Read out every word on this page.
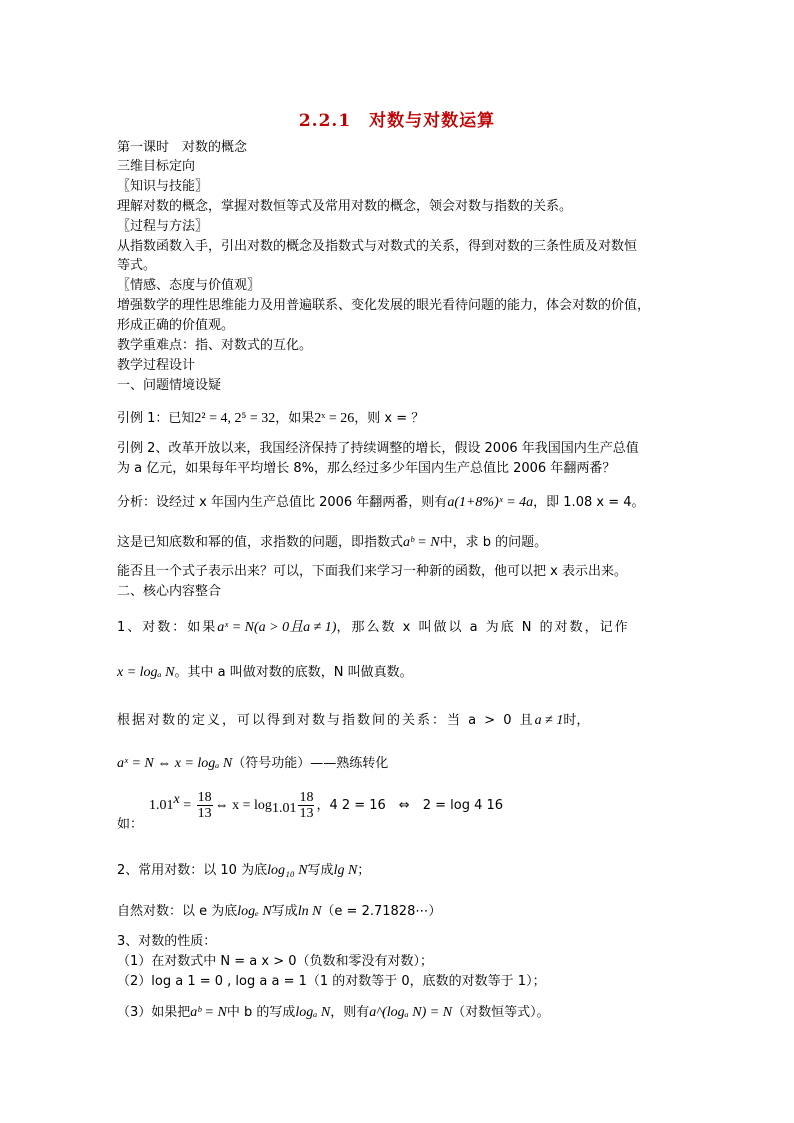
2.2.1　对数与对数运算
第一课时　对数的概念
三维目标定向
〖知识与技能〗
理解对数的概念，掌握对数恒等式及常用对数的概念，领会对数与指数的关系。
〖过程与方法〗
从指数函数入手，引出对数的概念及指数式与对数式的关系，得到对数的三条性质及对数恒
等式。
〖情感、态度与价值观〗
增强数学的理性思维能力及用普遍联系、变化发展的眼光看待问题的能力，体会对数的价值，
形成正确的价值观。
教学重难点：指、对数式的互化。
教学过程设计
一、问题情境设疑
引例 1：已知2² = 4, 2⁵ = 32，如果2ˣ = 26，则 x = ？
引例 2、改革开放以来，我国经济保持了持续调整的增长，假设 2006 年我国国内生产总值
为 a 亿元，如果每年平均增长 8%，那么经过多少年国内生产总值比 2006 年翻两番？
分析：设经过 x 年国内生产总值比 2006 年翻两番，则有a(1+8%)ˣ = 4a，即 1.08 x = 4。
这是已知底数和幂的值，求指数的问题，即指数式aᵇ = N中，求 b 的问题。
能否且一个式子表示出来？可以，下面我们来学习一种新的函数，他可以把 x 表示出来。
二、核心内容整合
1、对数：如果aˣ = N(a > 0且a ≠ 1)，那么数 x 叫做以 a 为底 N 的对数，记作
x = logₐ N。其中 a 叫做对数的底数，N 叫做真数。
根据对数的定义，可以得到对数与指数间的关系：当 a > 0 且a ≠ 1时，
aˣ = N ⇔ x = logₐ N（符号功能）——熟练转化
如：$1.01^x = \frac{18}{13}$ ⇔ $x = \log_{1.01} \frac{18}{13}$ ，4 2 = 16　⇔　2 = log 4 16
2、常用对数：以 10 为底log₁₀ N写成lg N；
自然对数：以 e 为底logₑ N写成ln N（e = 2.71828⋯）
3、对数的性质：
（1）在对数式中 N = a x > 0（负数和零没有对数）；
（2）log a 1 = 0 , log a a = 1（1 的对数等于 0，底数的对数等于 1）；
（3）如果把aᵇ = N中 b 的写成logₐ N，则有a^(logₐ N) = N（对数恒等式）。
